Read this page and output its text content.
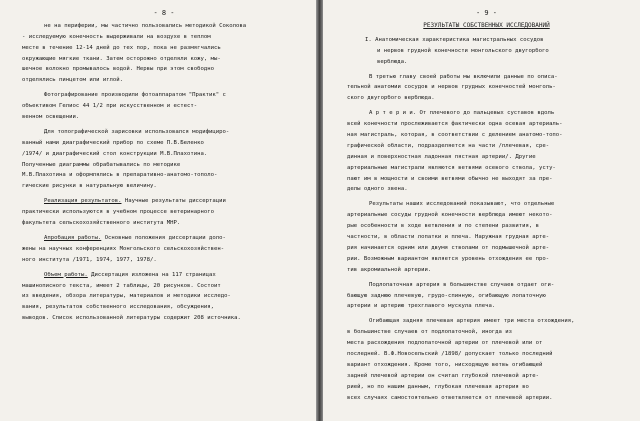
- 8 -
не на периферии, мы частично пользовались методикой Соколова
- исследуемую конечность выдерживали на воздухе в теплом
месте в течение 12-14 дней до тех пор, пока не размягчались
окружающие мягкие ткани. Затем осторожно отделяли кожу, мы-
шечное волокно промывалось водой. Нервы при этом свободно
отделялись пинцетом или иглой.
Фотографирование производили фотоаппаратом "Практик" с
объективом Гелиос 44 1/2 при искусственном и естест-
венном освещении.
Для топографической зарисовки использовался модифициро-
ванный нами диаграфический прибор по схеме П.В.Беленко
/1974/ и диаграфический стол конструкции М.В.Плахотина.
Полученные диаграммы обрабатывались по методике
М.В.Плахотина и оформлялись в препаративно-анатомо-тополо-
гические рисунки в натуральную величину.
Реализация результатов. Научные результаты диссертации
практически используются в учебном процессе ветеринарного
факультета сельскохозяйственного института МНР.
Апробация работы. Основные положения диссертации доло-
жены на научных конференциях Монгольского сельскохозяйствен-
ного института /1971, 1974, 1977, 1978/.
Объем работы. Диссертация изложена на 117 страницах
машинописного текста, имеет 2 таблицы, 20 рисунков. Состоит
из введения, обзора литературы, материалов и методики исследо-
вания, результатов собственного исследования, обсуждения,
выводов. Список использованной литературы содержит 208 источника.
- 9 -
РЕЗУЛЬТАТЫ СОБСТВЕННЫХ ИССЛЕДОВАНИЙ
I. Анатомическая характеристика магистральных сосудов
и нервов грудной конечности монгольского двугорбого
верблюда.
В третью главу своей работы мы включили данные по описа-
тельной анатомии сосудов и нервов грудных конечностей монголь-
ского двугорбого верблюда.
А р т е р и и. От плечевого до пальцевых суставов вдоль
всей конечности прослеживается фактически одна осевая артериаль-
ная магистраль, которая, в соответствии с делением анатомо-топо-
графической области, подразделяется на части /плечевая, сре-
динная и поверхностная ладонная пястная артерии/. Другие
артериальные магистрали являются ветвями осевого ствола, усту-
пают им в мощности и своими ветвями обычно не выходят за пре-
делы одного звена.
Результаты наших исследований показывают, что отдельные
артериальные сосуды грудной конечности верблюда имеют некото-
рые особенности в ходе ветвления и по степени развития, в
частности, в области лопатки и плеча. Наружная грудная арте-
рия начинается одним или двумя стволами от подмышечной арте-
рии. Возможным вариантом является уровень отхождения ее про-
тив акромиальной артерии.
Подлопаточная артерия в большинстве случаев отдает оги-
бающую заднюю плечевую, грудо-спинную, огибающую лопаточную
артерии и артерию трехглавого мускула плеча.
Огибающая задняя плечевая артерия имеет три места отхождения,
в большинстве случаев от подлопаточной, иногда из
места расхождения подлопаточной артерии от плечевой или от
последней. В.Ф.Новосельский /1898/ допускает только последний
вариант отхождения. Кроме того, нисходящую ветвь огибающей
задней плечевой артерии он считал глубокой плечевой арте-
рией, но по нашим данным, глубокая плечевая артерия во
всех случаях самостоятельно ответвляется от плечевой артерии.
